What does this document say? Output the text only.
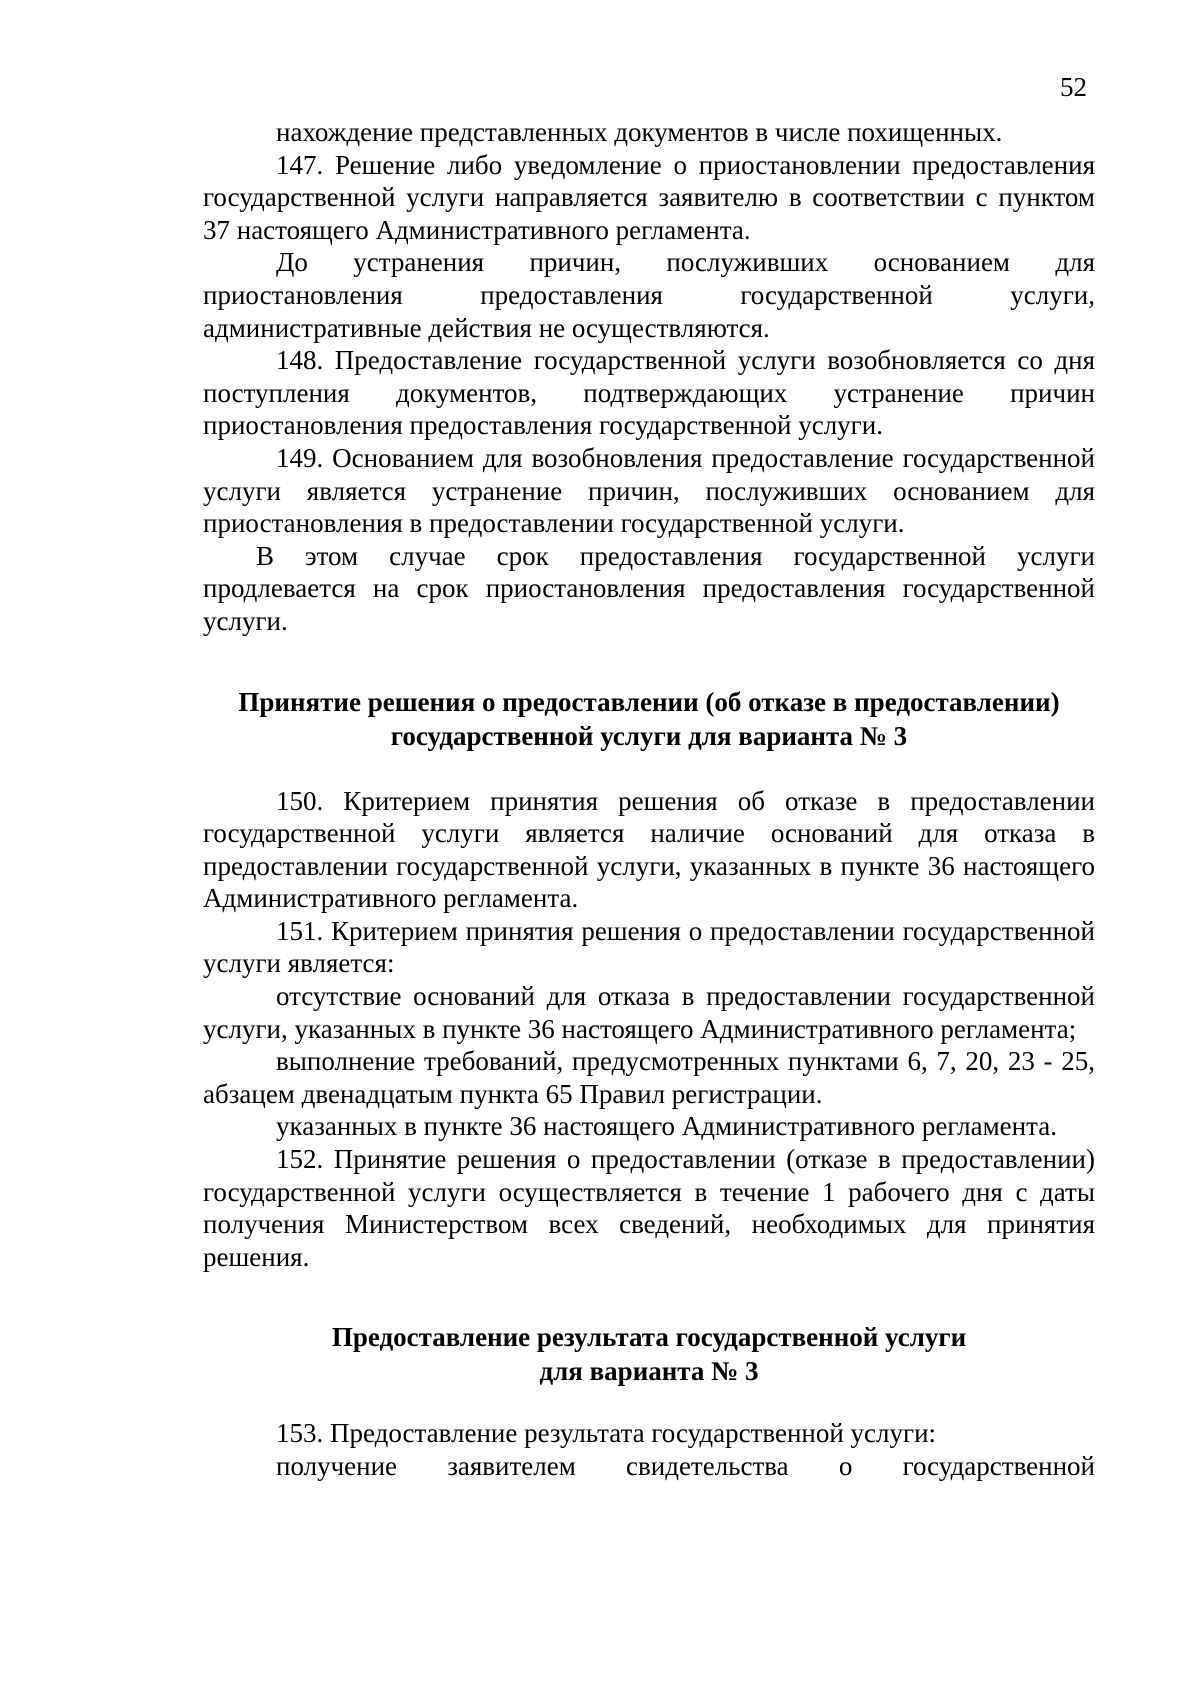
52

нахождение представленных документов в числе похищенных.

147. Решение либо уведомление о приостановлении предоставления государственной услуги направляется заявителю в соответствии с пунктом 37 настоящего Административного регламента.

До устранения причин, послуживших основанием для приостановления предоставления государственной услуги, административные действия не осуществляются.

148. Предоставление государственной услуги возобновляется со дня поступления документов, подтверждающих устранение причин приостановления предоставления государственной услуги.

149. Основанием для возобновления предоставление государственной услуги является устранение причин, послуживших основанием для приостановления в предоставлении государственной услуги.

В этом случае срок предоставления государственной услуги продлевается на срок приостановления предоставления государственной услуги.

Принятие решения о предоставлении (об отказе в предоставлении)
государственной услуги для варианта № 3

150. Критерием принятия решения об отказе в предоставлении государственной услуги является наличие оснований для отказа в предоставлении государственной услуги, указанных в пункте 36 настоящего Административного регламента.

151. Критерием принятия решения о предоставлении государственной услуги является:

отсутствие оснований для отказа в предоставлении государственной услуги, указанных в пункте 36 настоящего Административного регламента;

выполнение требований, предусмотренных пунктами 6, 7, 20, 23 - 25, абзацем двенадцатым пункта 65 Правил регистрации.

указанных в пункте 36 настоящего Административного регламента.

152. Принятие решения о предоставлении (отказе в предоставлении) государственной услуги осуществляется в течение 1 рабочего дня с даты получения Министерством всех сведений, необходимых для принятия решения.

Предоставление результата государственной услуги
для варианта № 3

153. Предоставление результата государственной услуги:

получение заявителем свидетельства о государственной
